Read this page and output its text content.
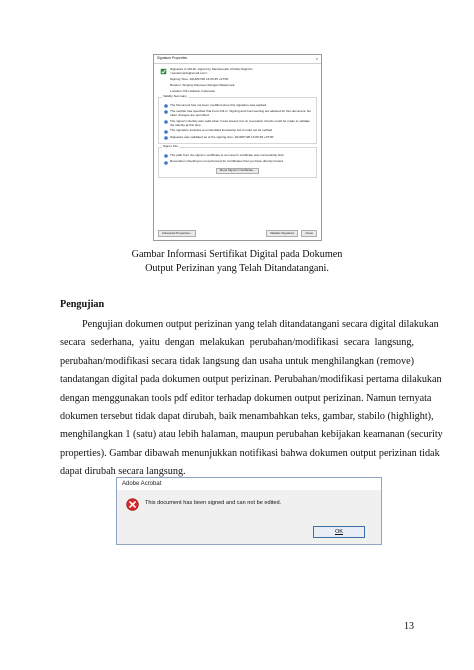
Signature Properties	×
Signature is VALID, signed by Sandomeido Christa Nugroho
<sandomeido@email.com>.
Signing Time: 2016/07/28 14:05:35 +07'00'
Reason: Singing Dokumen Dengan Watermark
Location: DKI Jakarta, Indonesia
Validity Summary
The Document has not been modified since this signature was applied.
The certifier has specified that Form Fill-in, Signing and Commenting are allowed for this document. No other changes are permitted.
The signer's identity was valid when it was issued, but no revocation checks could be made to validate the identity at this time.
The signature includes an embedded timestamp but it could not be verified.
Signature was validated as of the signing time: 2016/07/28 14:05:35 +07'00'
Signer Info
The path from the signer's certificate to an issuer's certificate was successfully built.
Revocation checking is not performed for Certificates that you have directly trusted.
Show Signer's Certificate...
Advanced Properties...	Validate Signature	Close
Gambar Informasi Sertifikat Digital pada Dokumen
Output Perizinan yang Telah Ditandatangani.
Pengujian
Pengujian dokumen output perizinan yang telah ditandatangani secara digital dilakukan
secara sederhana, yaitu dengan melakukan perubahan/modifikasi secara langsung,
perubahan/modifikasi secara tidak langsung dan usaha untuk menghilangkan (remove)
tandatangan digital pada dokumen output perizinan. Perubahan/modifikasi pertama dilakukan
dengan menggunakan tools pdf editor terhadap dokumen output perizinan. Namun ternyata
dokumen tersebut tidak dapat dirubah, baik menambahkan teks, gambar, stabilo (highlight),
menghilangkan 1 (satu) atau lebih halaman, maupun perubahan kebijakan keamanan (security
properties). Gambar dibawah menunjukkan notifikasi bahwa dokumen output perizinan tidak
dapat dirubah secara langsung.
Adobe Acrobat
This document has been signed and can not be edited.
OK
13
